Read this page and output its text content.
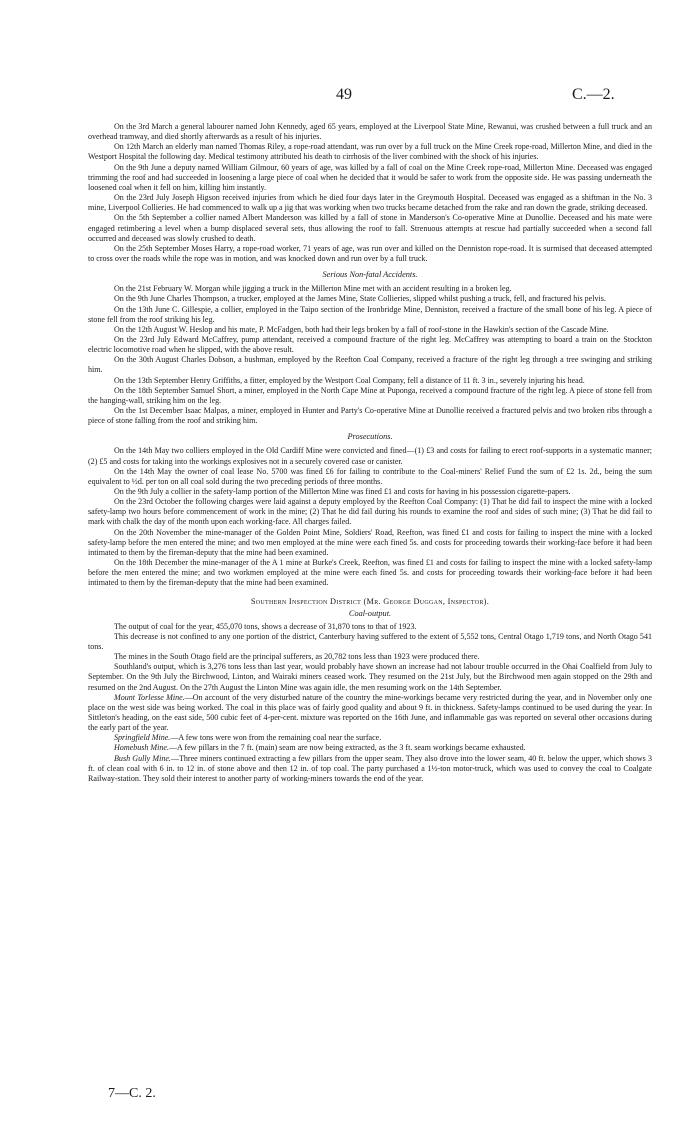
49	C.—2.

On the 3rd March a general labourer named John Kennedy, aged 65 years, employed at the Liverpool State Mine, Rewanui, was crushed between a full truck and an overhead tramway, and died shortly afterwards as a result of his injuries.

On 12th March an elderly man named Thomas Riley, a rope-road attendant, was run over by a full truck on the Mine Creek rope-road, Millerton Mine, and died in the Westport Hospital the following day. Medical testimony attributed his death to cirrhosis of the liver combined with the shock of his injuries.

On the 9th June a deputy named William Gilmour, 60 years of age, was killed by a fall of coal on the Mine Creek rope-road, Millerton Mine. Deceased was engaged trimming the roof and had succeeded in loosening a large piece of coal when he decided that it would be safer to work from the opposite side. He was passing underneath the loosened coal when it fell on him, killing him instantly.

On the 23rd July Joseph Higson received injuries from which he died four days later in the Greymouth Hospital. Deceased was engaged as a shiftman in the No. 3 mine, Liverpool Collieries. He had commenced to walk up a jig that was working when two trucks became detached from the rake and ran down the grade, striking deceased.

On the 5th September a collier named Albert Manderson was killed by a fall of stone in Manderson's Co-operative Mine at Dunollie. Deceased and his mate were engaged retimbering a level when a bump displaced several sets, thus allowing the roof to fall. Strenuous attempts at rescue had partially succeeded when a second fall occurred and deceased was slowly crushed to death.

On the 25th September Moses Harry, a rope-road worker, 71 years of age, was run over and killed on the Denniston rope-road. It is surmised that deceased attempted to cross over the roads while the rope was in motion, and was knocked down and run over by a full truck.

Serious Non-fatal Accidents.

On the 21st February W. Morgan while jigging a truck in the Millerton Mine met with an accident resulting in a broken leg.

On the 9th June Charles Thompson, a trucker, employed at the James Mine, State Collieries, slipped whilst pushing a truck, fell, and fractured his pelvis.

On the 13th June C. Gillespie, a collier, employed in the Taipo section of the Ironbridge Mine, Denniston, received a fracture of the small bone of his leg. A piece of stone fell from the roof striking his leg.

On the 12th August W. Heslop and his mate, P. McFadgen, both had their legs broken by a fall of roof-stone in the Hawkin's section of the Cascade Mine.

On the 23rd July Edward McCaffrey, pump attendant, received a compound fracture of the right leg. McCaffrey was attempting to board a train on the Stockton electric locomotive road when he slipped, with the above result.

On the 30th August Charles Dobson, a bushman, employed by the Reefton Coal Company, received a fracture of the right leg through a tree swinging and striking him.

On the 13th September Henry Griffiths, a fitter, employed by the Westport Coal Company, fell a distance of 11 ft. 3 in., severely injuring his head.

On the 18th September Samuel Short, a miner, employed in the North Cape Mine at Puponga, received a compound fracture of the right leg. A piece of stone fell from the hanging-wall, striking him on the leg.

On the 1st December Isaac Malpas, a miner, employed in Hunter and Party's Co-operative Mine at Dunollie received a fractured pelvis and two broken ribs through a piece of stone falling from the roof and striking him.

Prosecutions.

On the 14th May two colliers employed in the Old Cardiff Mine were convicted and fined—(1) £3 and costs for failing to erect roof-supports in a systematic manner; (2) £5 and costs for taking into the workings explosives not in a securely covered case or canister.

On the 14th May the owner of coal lease No. 5700 was fined £6 for failing to contribute to the Coal-miners' Relief Fund the sum of £2 1s. 2d., being the sum equivalent to ½d. per ton on all coal sold during the two preceding periods of three months.

On the 9th July a collier in the safety-lamp portion of the Millerton Mine was fined £1 and costs for having in his possession cigarette-papers.

On the 23rd October the following charges were laid against a deputy employed by the Reefton Coal Company: (1) That he did fail to inspect the mine with a locked safety-lamp two hours before commencement of work in the mine; (2) That he did fail during his rounds to examine the roof and sides of such mine; (3) That he did fail to mark with chalk the day of the month upon each working-face. All charges failed.

On the 20th November the mine-manager of the Golden Point Mine, Soldiers' Road, Reefton, was fined £1 and costs for failing to inspect the mine with a locked safety-lamp before the men entered the mine; and two men employed at the mine were each fined 5s. and costs for proceeding towards their working-face before it had been intimated to them by the fireman-deputy that the mine had been examined.

On the 18th December the mine-manager of the A 1 mine at Burke's Creek, Reefton, was fined £1 and costs for failing to inspect the mine with a locked safety-lamp before the men entered the mine; and two workmen employed at the mine were each fined 5s. and costs for proceeding towards their working-face before it had been intimated to them by the fireman-deputy that the mine had been examined.

Southern Inspection District (Mr. George Duggan, Inspector).
Coal-output.

The output of coal for the year, 455,070 tons, shows a decrease of 31,870 tons to that of 1923.

This decrease is not confined to any one portion of the district, Canterbury having suffered to the extent of 5,552 tons, Central Otago 1,719 tons, and North Otago 541 tons.

The mines in the South Otago field are the principal sufferers, as 20,782 tons less than 1923 were produced there.

Southland's output, which is 3,276 tons less than last year, would probably have shown an increase had not labour trouble occurred in the Ohai Coalfield from July to September. On the 9th July the Birchwood, Linton, and Wairaki miners ceased work. They resumed on the 21st July, but the Birchwood men again stopped on the 29th and resumed on the 2nd August. On the 27th August the Linton Mine was again idle, the men resuming work on the 14th September.

Mount Torlesse Mine.—On account of the very disturbed nature of the country the mine-workings became very restricted during the year, and in November only one place on the west side was being worked. The coal in this place was of fairly good quality and about 9 ft. in thickness. Safety-lamps continued to be used during the year. In Sittleton's heading, on the east side, 500 cubic feet of 4-per-cent. mixture was reported on the 16th June, and inflammable gas was reported on several other occasions during the early part of the year.

Springfield Mine.—A few tons were won from the remaining coal near the surface.

Homebush Mine.—A few pillars in the 7 ft. (main) seam are now being extracted, as the 3 ft. seam workings became exhausted.

Bush Gully Mine.—Three miners continued extracting a few pillars from the upper seam. They also drove into the lower seam, 40 ft. below the upper, which shows 3 ft. of clean coal with 6 in. to 12 in. of stone above and then 12 in. of top coal. The party purchased a 1½-ton motor-truck, which was used to convey the coal to Coalgate Railway-station. They sold their interest to another party of working-miners towards the end of the year.

7—C. 2.
